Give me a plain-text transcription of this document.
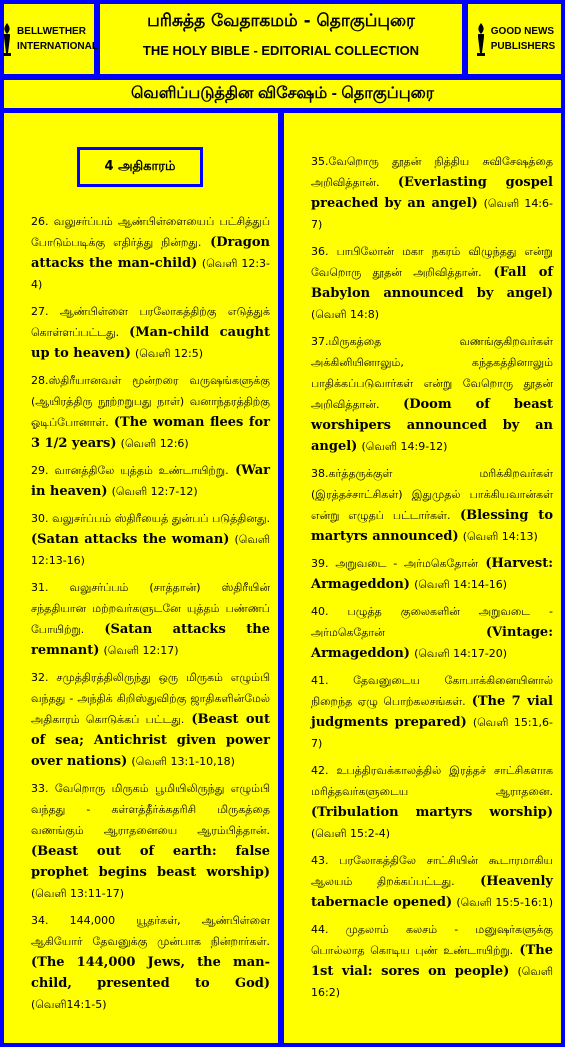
BELLWETHER
INTERNATIONAL
பரிசுத்த வேதாகமம் - தொகுப்புரை
THE HOLY BIBLE - EDITORIAL COLLECTION
GOOD NEWS
PUBLISHERS
வெளிப்படுத்தின விசேஷம் - தொகுப்புரை
4 அதிகாரம்
26. வலுசர்ப்பம் ஆண்பிள்ளையைப் பட்சித்துப் போடும்படிக்கு எதிர்த்து நின்றது. (Dragon attacks the man-child) (வெளி 12:3-4)
27. ஆண்பிள்ளை பரலோகத்திற்கு எடுத்துக் கொள்ளப்பட்டது. (Man-child caught up to heaven) (வெளி 12:5)
28.ஸ்திரீயானவள் மூன்றரை வருஷங்களுக்கு (ஆயிரத்திரு நூற்றறுபது நாள்) வனாந்தரத்திற்கு ஓடிப்போனாள். (The woman flees for 3 1/2 years) (வெளி 12:6)
29. வானத்திலே யுத்தம் உண்டாயிற்று. (War in heaven) (வெளி 12:7-12)
30. வலுசர்ப்பம் ஸ்திரீயைத் துன்பப் படுத்தினது. (Satan attacks the woman) (வெளி 12:13-16)
31. வலுசர்ப்பம் (சாத்தான்) ஸ்திரீயின் சந்ததியான மற்றவர்களுடனே யுத்தம் பண்ணப் போயிற்று. (Satan attacks the remnant) (வெளி 12:17)
32. சமுத்திரத்திலிருந்து ஒரு மிருகம் எழும்பி வந்தது - அந்திக் கிறிஸ்துவிற்கு ஜாதிகளின்மேல் அதிகாரம் கொடுக்கப் பட்டது. (Beast out of sea; Antichrist given power over nations) (வெளி 13:1-10,18)
33. வேறொரு மிருகம் பூமியிலிருந்து எழும்பி வந்தது - கள்ளத்தீர்க்கதரிசி மிருகத்தை வணங்கும் ஆராதனையை ஆரம்பித்தான். (Beast out of earth: false prophet begins beast worship) (வெளி 13:11-17)
34. 144,000 யூதர்கள், ஆண்பிள்ளை ஆகியோர் தேவனுக்கு முன்பாக நின்றார்கள். (The 144,000 Jews, the man-child, presented to God) (வெளி14:1-5)
35.வேறொரு தூதன் நித்திய சுவிசேஷத்தை அறிவித்தான். (Everlasting gospel preached by an angel) (வெளி 14:6-7)
36. பாபிலோன் மகா நகரம் விழுந்தது என்று வேறொரு தூதன் அறிவித்தான். (Fall of Babylon announced by angel) (வெளி 14:8)
37.மிருகத்தை வணங்குகிறவர்கள் அக்கினியினாலும், கந்தகத்தினாலும் பாதிக்கப்படுவார்கள் என்று வேறொரு தூதன் அறிவித்தான். (Doom of beast worshipers announced by an angel) (வெளி 14:9-12)
38.கர்த்தருக்குள் மரிக்கிறவர்கள் (இரத்தச்சாட்சிகள்) இதுமுதல் பாக்கியவான்கள் என்று எழுதப் பட்டார்கள். (Blessing to martyrs announced) (வெளி 14:13)
39. அறுவடை - அர்மகெதோன் (Harvest: Armageddon) (வெளி 14:14-16)
40. பழுத்த குலைகளின் அறுவடை - அர்மகெதோன்	(Vintage: Armageddon) (வெளி 14:17-20)
41. தேவனுடைய கோபாக்கினையினால் நிறைந்த ஏழு பொற்கலசங்கள். (The 7 vial judgments prepared) (வெளி 15:1,6-7)
42. உபத்திரவக்காலத்தில் இரத்தச் சாட்சிகளாக மரித்தவர்களுடைய ஆராதனை. (Tribulation martyrs worship) (வெளி 15:2-4)
43. பரலோகத்திலே சாட்சியின் கூடாரமாகிய ஆலயம் திறக்கப்பட்டது. (Heavenly tabernacle opened) (வெளி 15:5-16:1)
44. முதலாம் கலசம் - மனுஷர்களுக்கு பொல்லாத கொடிய புண் உண்டாயிற்று. (The 1st vial: sores on people) (வெளி 16:2)
